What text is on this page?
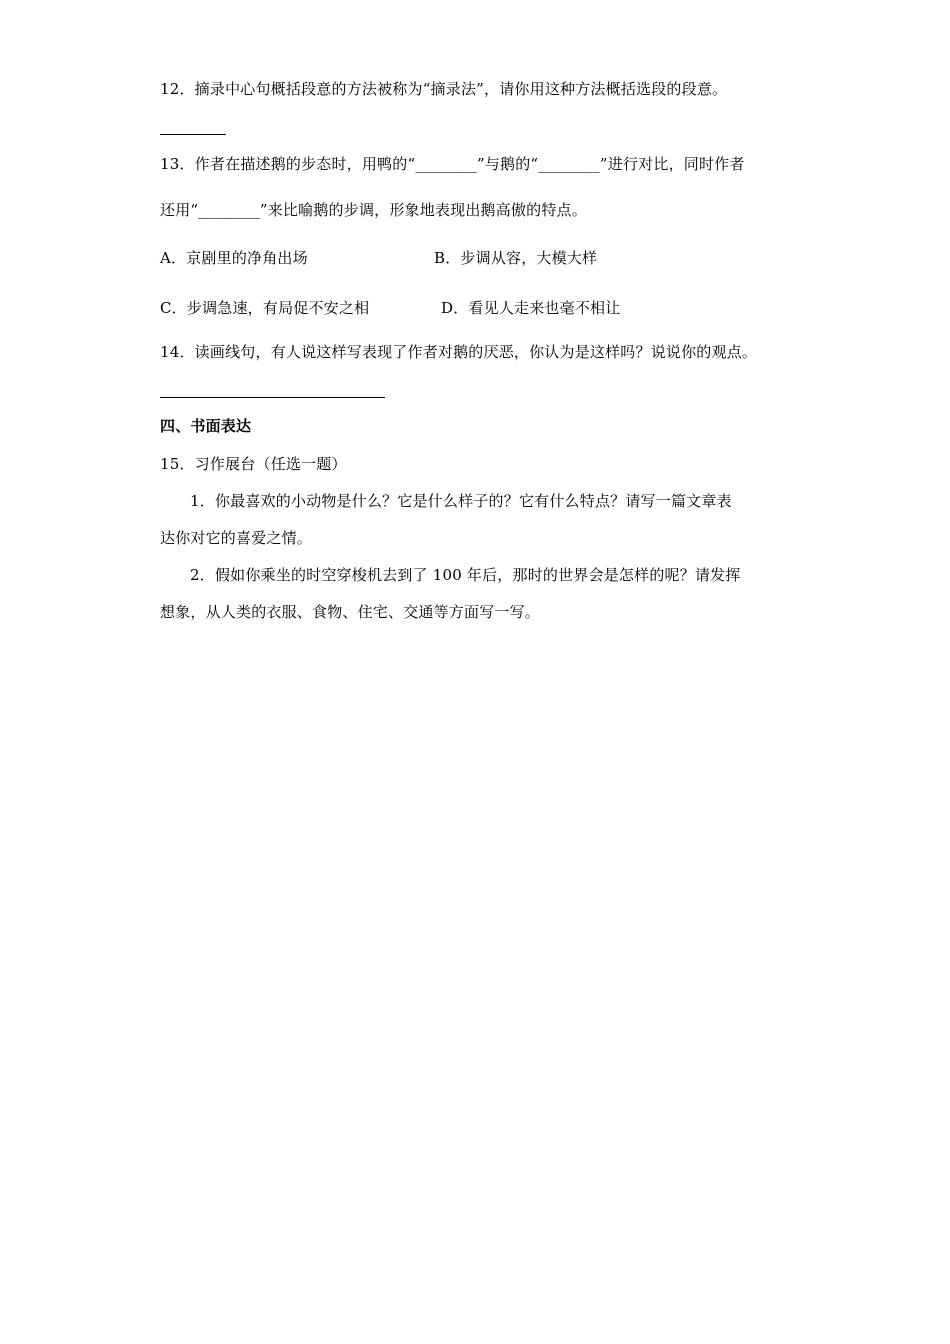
12．摘录中心句概括段意的方法被称为“摘录法”，请你用这种方法概括选段的段意。
13．作者在描述鹅的步态时，用鸭的“________”与鹅的“________”进行对比，同时作者
还用“________”来比喻鹅的步调，形象地表现出鹅高傲的特点。
A．京剧里的净角出场	B．步调从容，大模大样
C．步调急速，有局促不安之相	D．看见人走来也毫不相让
14．读画线句，有人说这样写表现了作者对鹅的厌恶，你认为是这样吗？说说你的观点。
四、书面表达
15．习作展台（任选一题）
1．你最喜欢的小动物是什么？它是什么样子的？它有什么特点？请写一篇文章表
达你对它的喜爱之情。
2．假如你乘坐的时空穿梭机去到了 100 年后，那时的世界会是怎样的呢？请发挥
想象，从人类的衣服、食物、住宅、交通等方面写一写。
